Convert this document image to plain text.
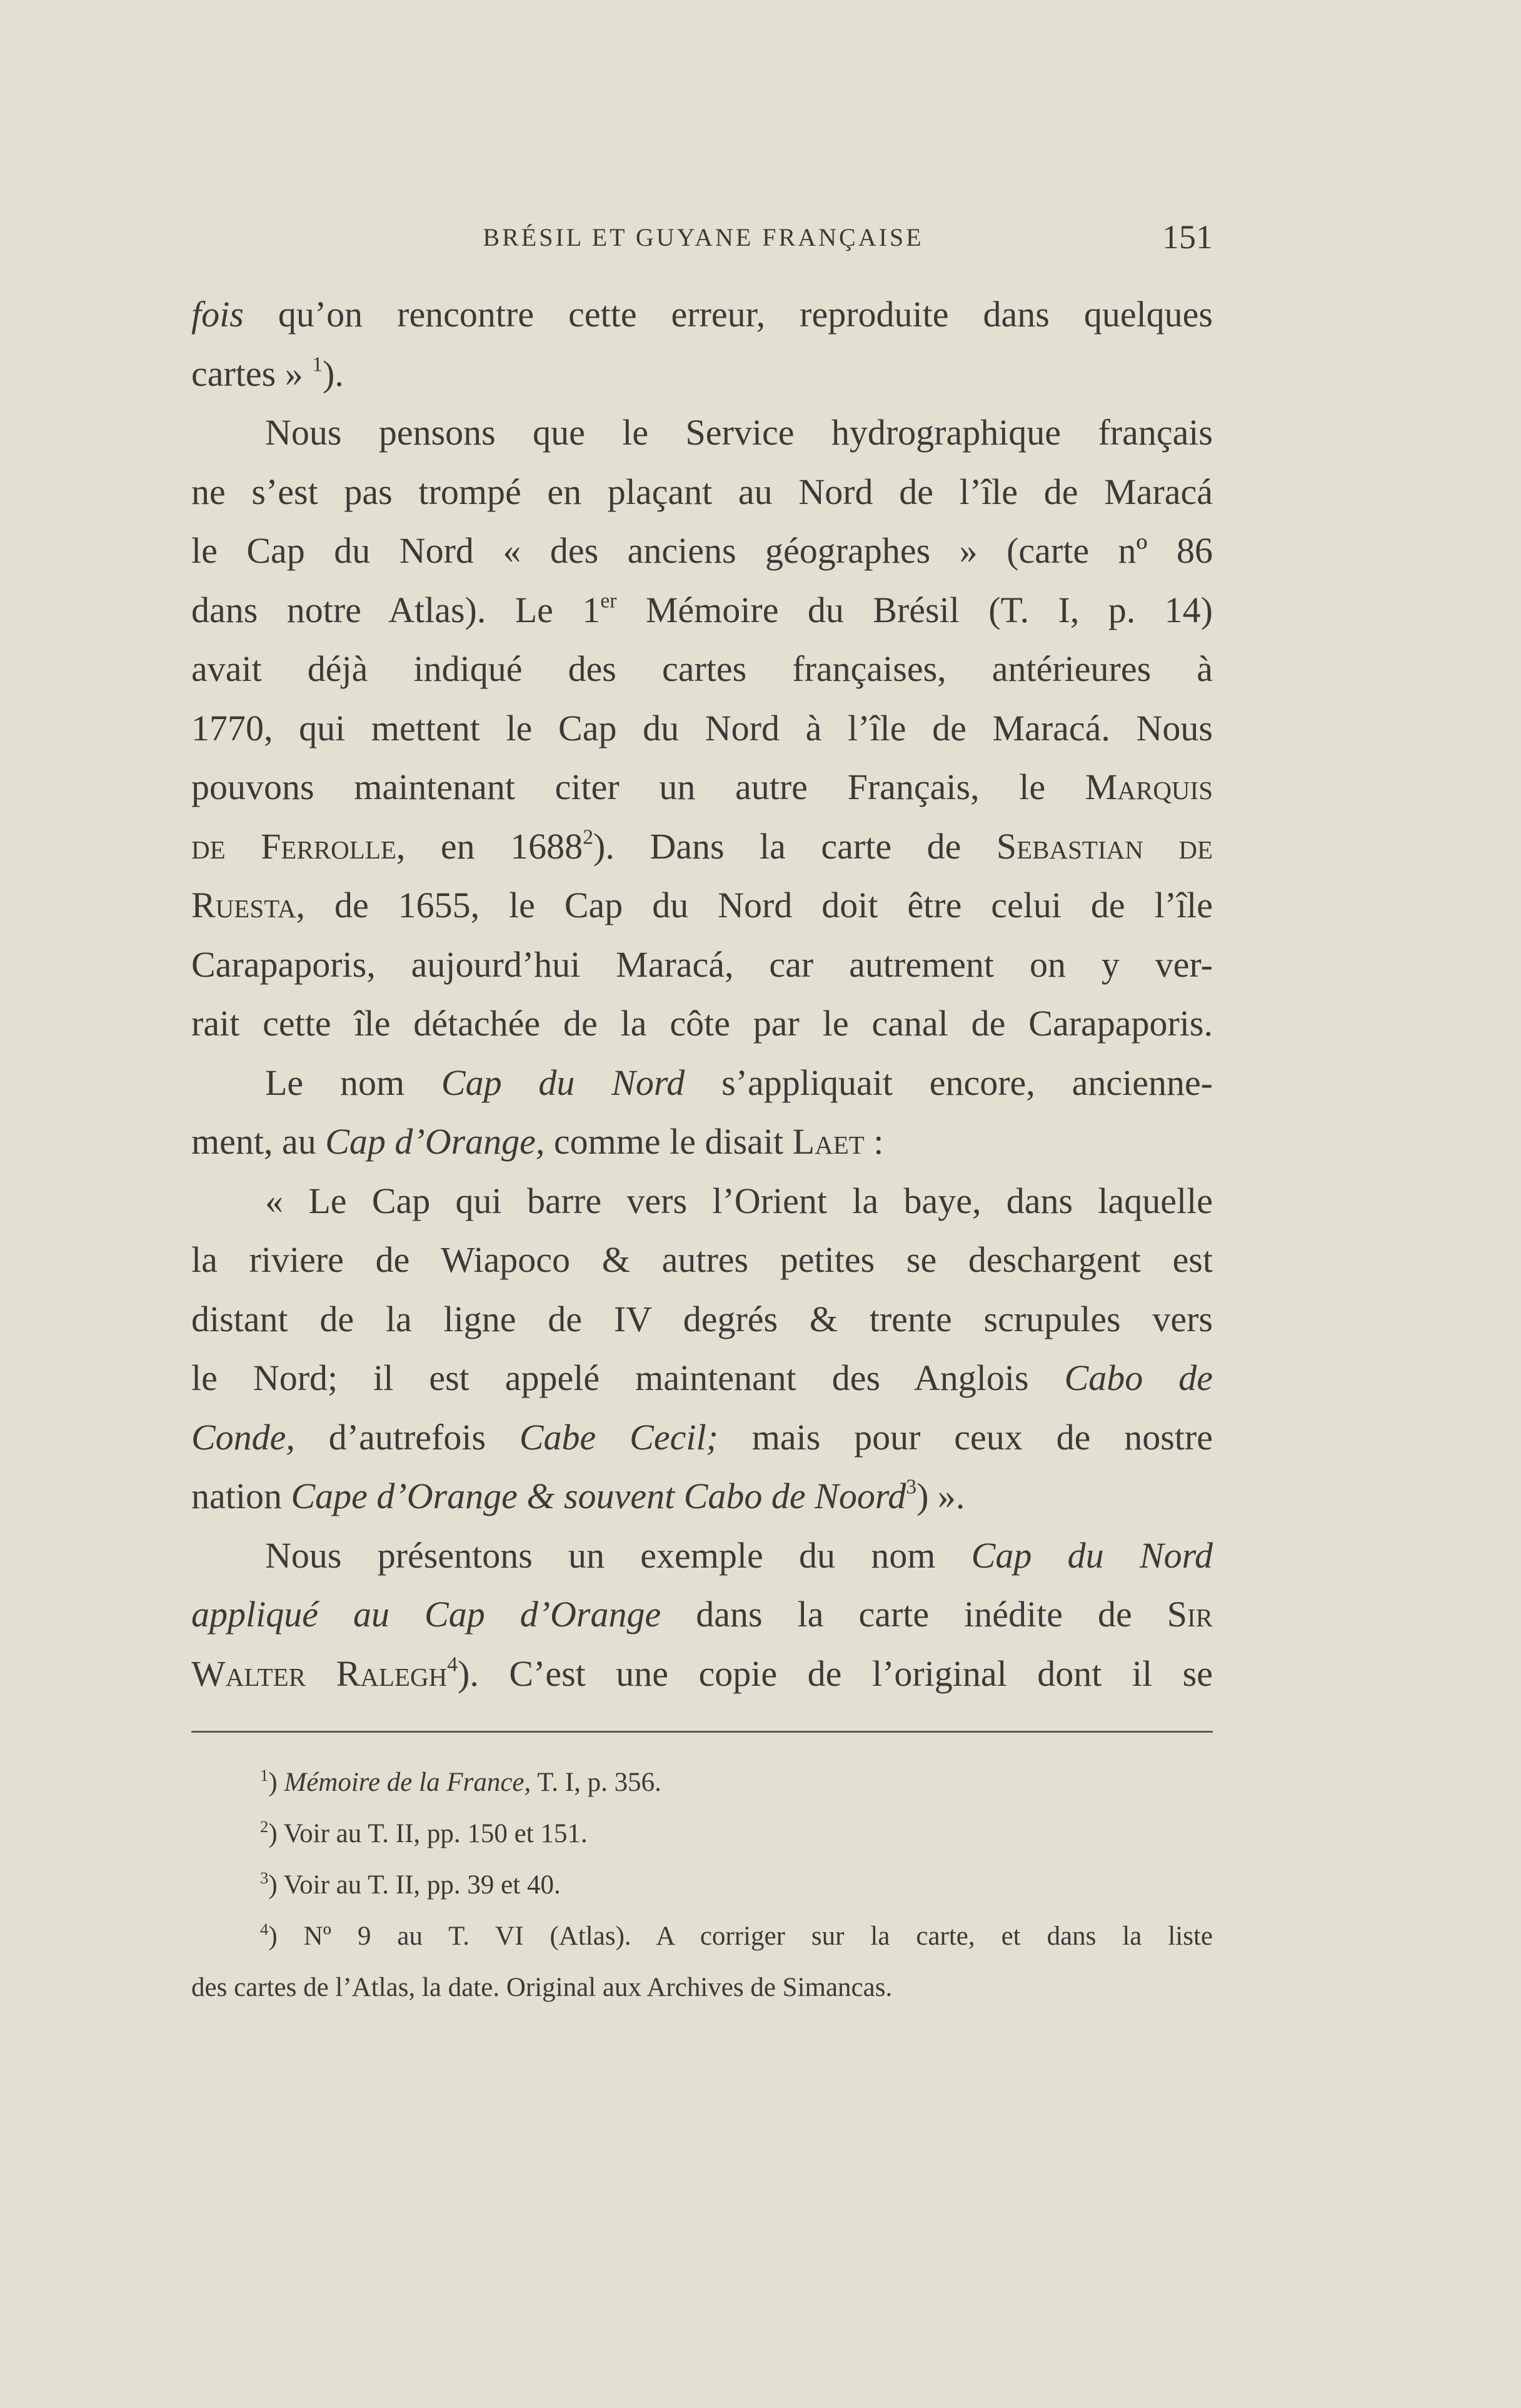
BRÉSIL ET GUYANE FRANÇAISE	151
fois qu’on rencontre cette erreur, reproduite dans quelques
cartes » $^1$).
Nous pensons que le Service hydrographique français
ne s’est pas trompé en plaçant au Nord de l’île de Maracá
le Cap du Nord « des anciens géographes » (carte nº 86
dans notre Atlas). Le 1er Mémoire du Brésil (T. I, p. 14)
avait déjà indiqué des cartes françaises, antérieures à
1770, qui mettent le Cap du Nord à l’île de Maracá. Nous
pouvons maintenant citer un autre Français, le Marquis
de Ferrolle, en 1688$^2$). Dans la carte de Sebastian de
Ruesta, de 1655, le Cap du Nord doit être celui de l’île
Carapaporis, aujourd’hui Maracá, car autrement on y ver-
rait cette île détachée de la côte par le canal de Carapaporis.
Le nom Cap du Nord s’appliquait encore, ancienne-
ment, au Cap d’Orange, comme le disait Laet :
« Le Cap qui barre vers l’Orient la baye, dans laquelle
la riviere de Wiapoco & autres petites se deschargent est
distant de la ligne de IV degrés & trente scrupules vers
le Nord; il est appelé maintenant des Anglois Cabo de
Conde, d’autrefois Cabe Cecil; mais pour ceux de nostre
nation Cape d’Orange & souvent Cabo de Noord$^3$) ».
Nous présentons un exemple du nom Cap du Nord
appliqué au Cap d’Orange dans la carte inédite de Sir
Walter Ralegh$^4$). C’est une copie de l’original dont il se
$^1$) Mémoire de la France, T. I, p. 356.
$^2$) Voir au T. II, pp. 150 et 151.
$^3$) Voir au T. II, pp. 39 et 40.
$^4$) Nº 9 au T. VI (Atlas). A corriger sur la carte, et dans la liste
des cartes de l’Atlas, la date. Original aux Archives de Simancas.
